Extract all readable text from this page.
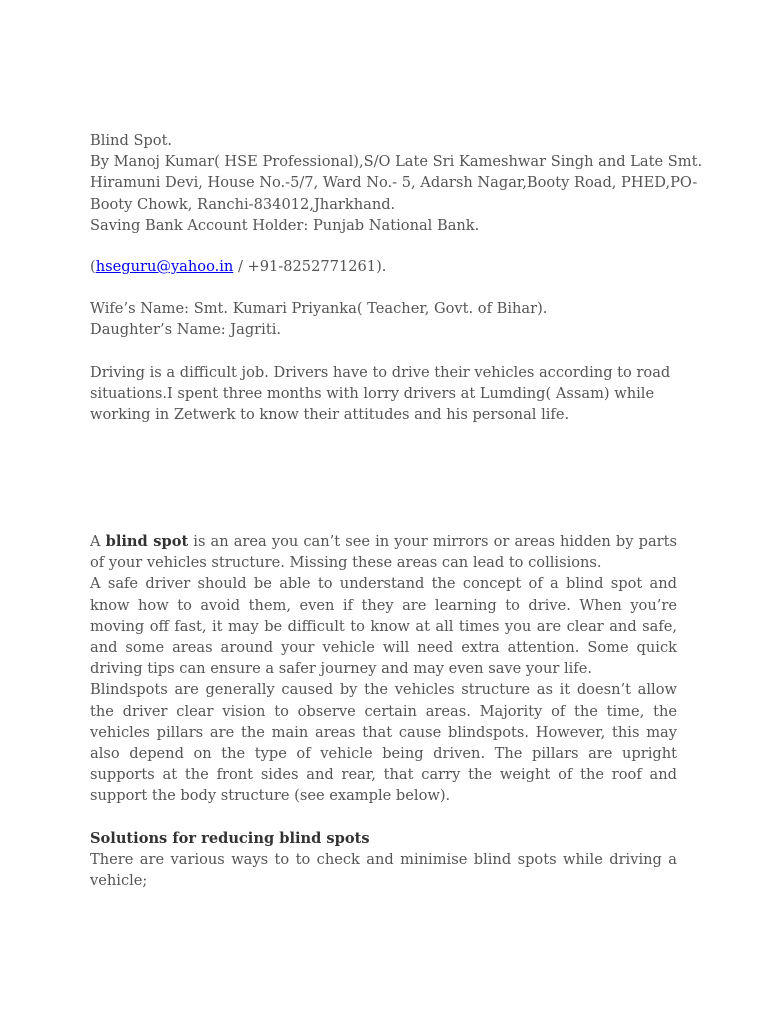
Blind Spot.
By Manoj Kumar( HSE Professional),S/O Late Sri Kameshwar Singh and Late Smt.
Hiramuni Devi, House No.-5/7, Ward No.- 5, Adarsh Nagar,Booty Road, PHED,PO-
Booty Chowk, Ranchi-834012,Jharkhand.
Saving Bank Account Holder: Punjab National Bank.
(hseguru@yahoo.in / +91-8252771261).
Wife’s Name: Smt. Kumari Priyanka( Teacher, Govt. of Bihar).
Daughter’s Name: Jagriti.
Driving is a difficult job. Drivers have to drive their vehicles according to road
situations.I spent three months with lorry drivers at Lumding( Assam) while
working in Zetwerk to know their attitudes and his personal life.

A blind spot is an area you can’t see in your mirrors or areas hidden by parts of your vehicles structure. Missing these areas can lead to collisions.

A safe driver should be able to understand the concept of a blind spot and know how to avoid them, even if they are learning to drive. When you’re moving off fast, it may be difficult to know at all times you are clear and safe, and some areas around your vehicle will need extra attention. Some quick driving tips can ensure a safer journey and may even save your life.

Blindspots are generally caused by the vehicles structure as it doesn’t allow the driver clear vision to observe certain areas. Majority of the time, the vehicles pillars are the main areas that cause blindspots. However, this may also depend on the type of vehicle being driven. The pillars are upright supports at the front sides and rear, that carry the weight of the roof and support the body structure (see example below).

Solutions for reducing blind spots

There are various ways to to check and minimise blind spots while driving a vehicle;
